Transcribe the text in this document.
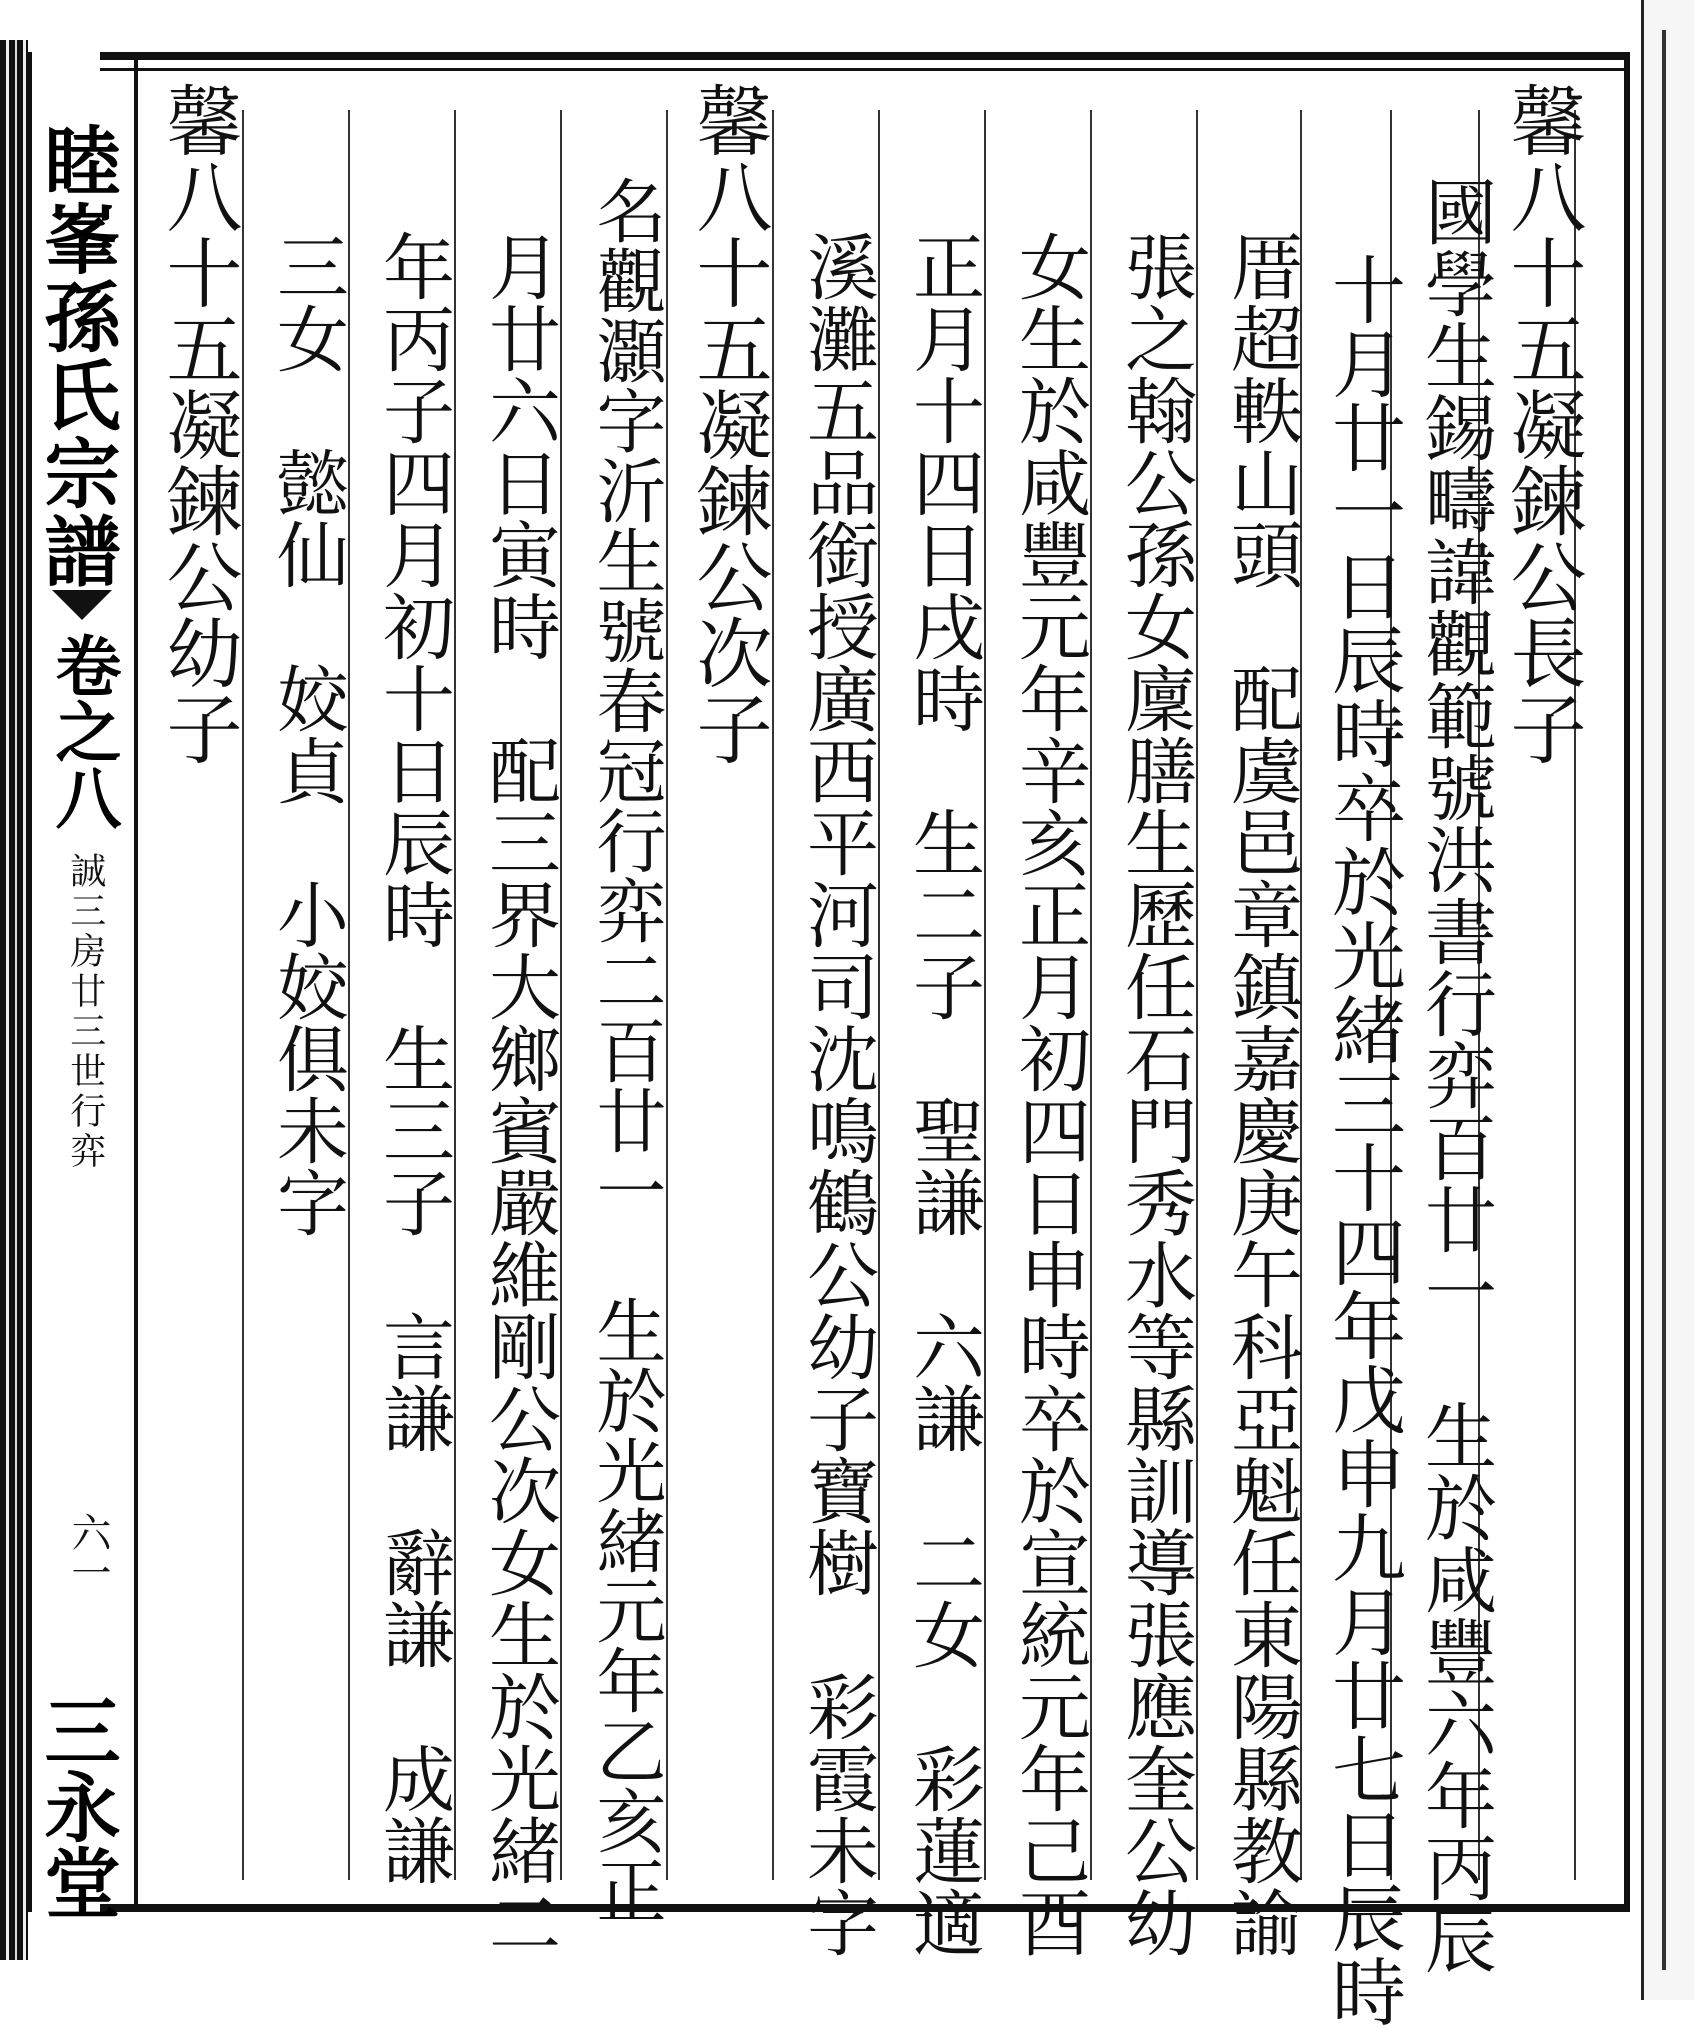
睦峯孫氏宗譜
卷之八
誠三房廿三世行弈
六一
三永堂
馨八十五凝鍊公長子
國學生錫疇諱觀範號洪書行弈百廿一　生於咸豐六年丙辰
十月廿一日辰時卒於光緒三十四年戊申九月廿七日辰時
厝超軼山頭　配虞邑章鎮嘉慶庚午科亞魁任東陽縣教諭
張之翰公孫女廩膳生歷任石門秀水等縣訓導張應奎公幼
女生於咸豐元年辛亥正月初四日申時卒於宣統元年己酉
正月十四日戌時　生二子　聖謙　六謙　二女　彩蓮適
溪灘五品銜授廣西平河司沈鳴鶴公幼子寶樹　彩霞未字
馨八十五凝鍊公次子
名觀灝字沂生號春冠行弈二百廿一　生於光緒元年乙亥正
月廿六日寅時　配三界大鄉賓嚴維剛公次女生於光緒二
年丙子四月初十日辰時　生三子　言謙　辭謙　成謙
三女　懿仙　姣貞　小姣俱未字
馨八十五凝鍊公幼子
